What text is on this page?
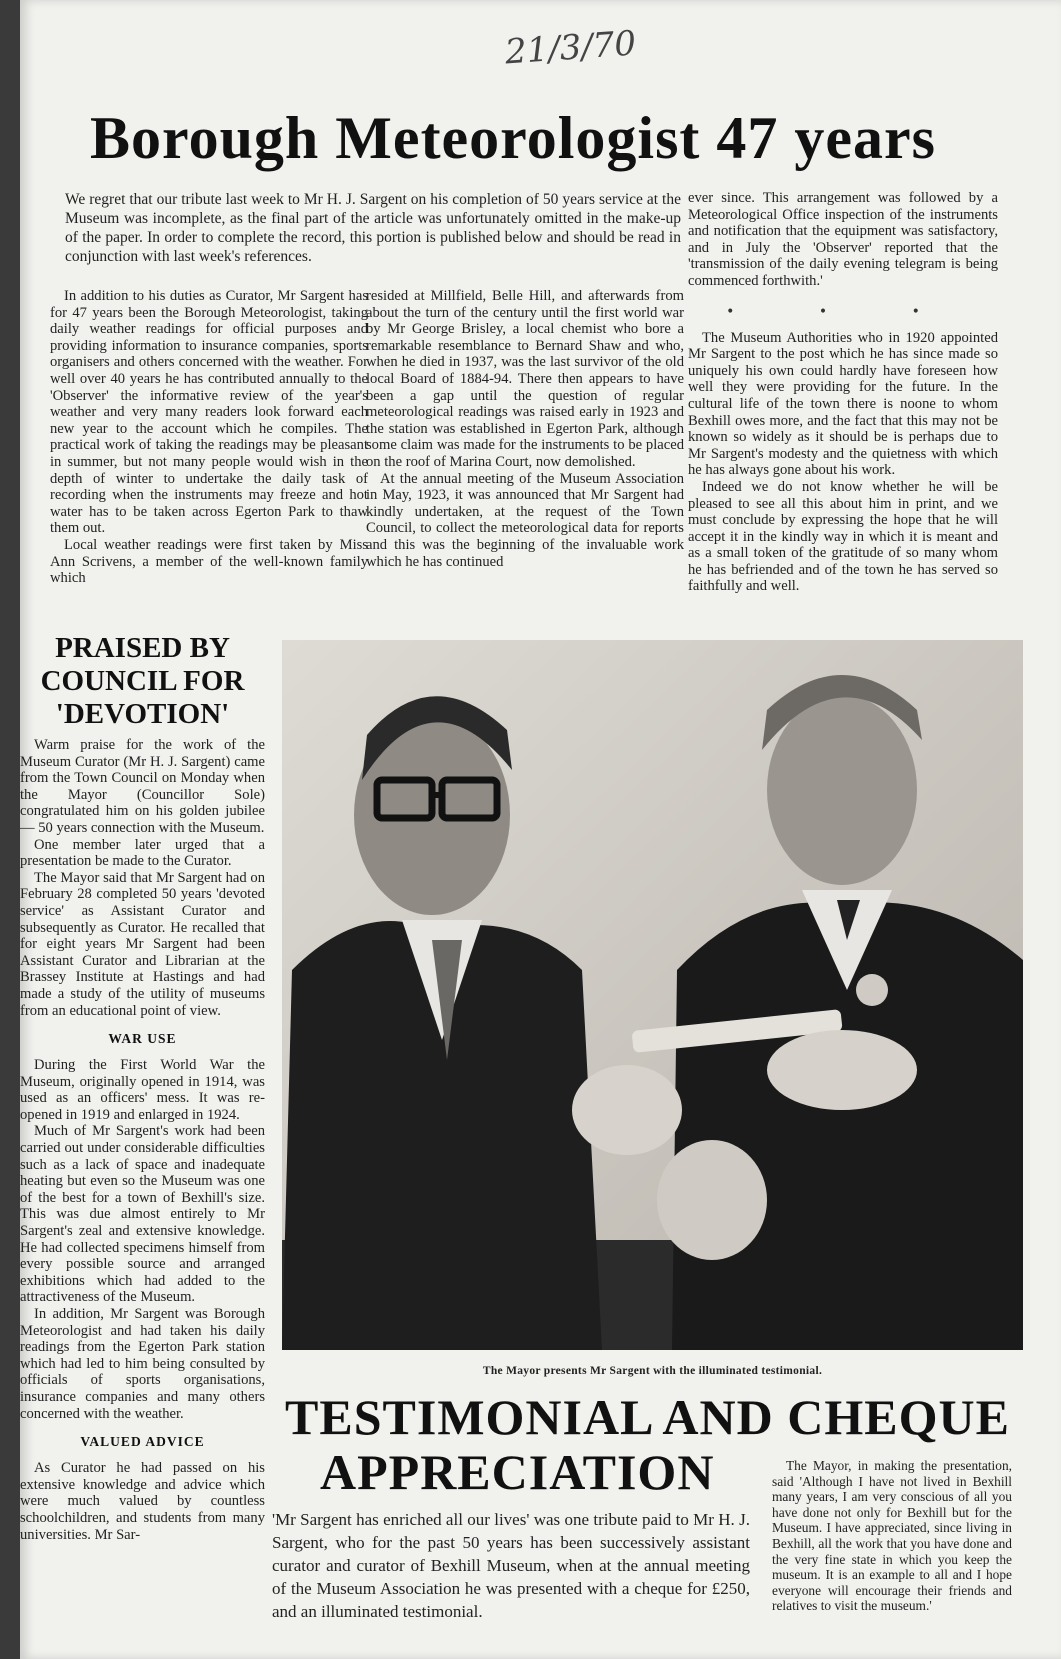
21/3/70
Borough Meteorologist 47 years

We regret that our tribute last week to Mr H. J. Sargent on his completion of 50 years service at the Museum was incomplete, as the final part of the article was unfortunately omitted in the make-up of the paper. In order to complete the record, this portion is published below and should be read in conjunction with last week's references.

In addition to his duties as Curator, Mr Sargent has for 47 years been the Borough Meteorologist, taking daily weather readings for official purposes and providing information to insurance companies, sports organisers and others concerned with the weather. For well over 40 years he has contributed annually to the 'Observer' the informative review of the year's weather and very many readers look forward each new year to the account which he compiles. The practical work of taking the readings may be pleasant in summer, but not many people would wish in the depth of winter to undertake the daily task of recording when the instruments may freeze and hot water has to be taken across Egerton Park to thaw them out.

Local weather readings were first taken by Miss Ann Scrivens, a member of the well-known family which

resided at Millfield, Belle Hill, and afterwards from about the turn of the century until the first world war by Mr George Brisley, a local chemist who bore a remarkable resemblance to Bernard Shaw and who, when he died in 1937, was the last survivor of the old local Board of 1884-94. There then appears to have been a gap until the question of regular meteorological readings was raised early in 1923 and the station was established in Egerton Park, although some claim was made for the instruments to be placed on the roof of Marina Court, now demolished.

At the annual meeting of the Museum Association in May, 1923, it was announced that Mr Sargent had kindly undertaken, at the request of the Town Council, to collect the meteorological data for reports and this was the beginning of the invaluable work which he has continued

ever since. This arrangement was followed by a Meteorological Office inspection of the instruments and notification that the equipment was satisfactory, and in July the 'Observer' reported that the 'transmission of the daily evening telegram is being commenced forthwith.'

• • •

The Museum Authorities who in 1920 appointed Mr Sargent to the post which he has since made so uniquely his own could hardly have foreseen how well they were providing for the future. In the cultural life of the town there is noone to whom Bexhill owes more, and the fact that this may not be known so widely as it should be is perhaps due to Mr Sargent's modesty and the quietness with which he has always gone about his work.

Indeed we do not know whether he will be pleased to see all this about him in print, and we must conclude by expressing the hope that he will accept it in the kindly way in which it is meant and as a small token of the gratitude of so many whom he has befriended and of the town he has served so faithfully and well.

PRAISED BY COUNCIL FOR 'DEVOTION'

Warm praise for the work of the Museum Curator (Mr H. J. Sargent) came from the Town Council on Monday when the Mayor (Councillor Sole) congratulated him on his golden jubilee — 50 years connection with the Museum.

One member later urged that a presentation be made to the Curator.

The Mayor said that Mr Sargent had on February 28 completed 50 years 'devoted service' as Assistant Curator and subsequently as Curator. He recalled that for eight years Mr Sargent had been Assistant Curator and Librarian at the Brassey Institute at Hastings and had made a study of the utility of museums from an educational point of view.

WAR USE

During the First World War the Museum, originally opened in 1914, was used as an officers' mess. It was re-opened in 1919 and enlarged in 1924.

Much of Mr Sargent's work had been carried out under considerable difficulties such as a lack of space and inadequate heating but even so the Museum was one of the best for a town of Bexhill's size. This was due almost entirely to Mr Sargent's zeal and extensive knowledge. He had collected specimens himself from every possible source and arranged exhibitions which had added to the attractiveness of the Museum.

In addition, Mr Sargent was Borough Meteorologist and had taken his daily readings from the Egerton Park station which had led to him being consulted by officials of sports organisations, insurance companies and many others concerned with the weather.

VALUED ADVICE

As Curator he had passed on his extensive knowledge and advice which were much valued by countless schoolchildren, and students from many universities. Mr Sar-

The Mayor presents Mr Sargent with the illuminated testimonial.
TESTIMONIAL AND CHEQUE
APPRECIATION

'Mr Sargent has enriched all our lives' was one tribute paid to Mr H. J. Sargent, who for the past 50 years has been successively assistant curator and curator of Bexhill Museum, when at the annual meeting of the Museum Association he was presented with a cheque for £250, and an illuminated testimonial.

The Mayor, in making the presentation, said 'Although I have not lived in Bexhill many years, I am very conscious of all you have done not only for Bexhill but for the Museum. I have appreciated, since living in Bexhill, all the work that you have done and the very fine state in which you keep the museum. It is an example to all and I hope everyone will encourage their friends and relatives to visit the museum.'
